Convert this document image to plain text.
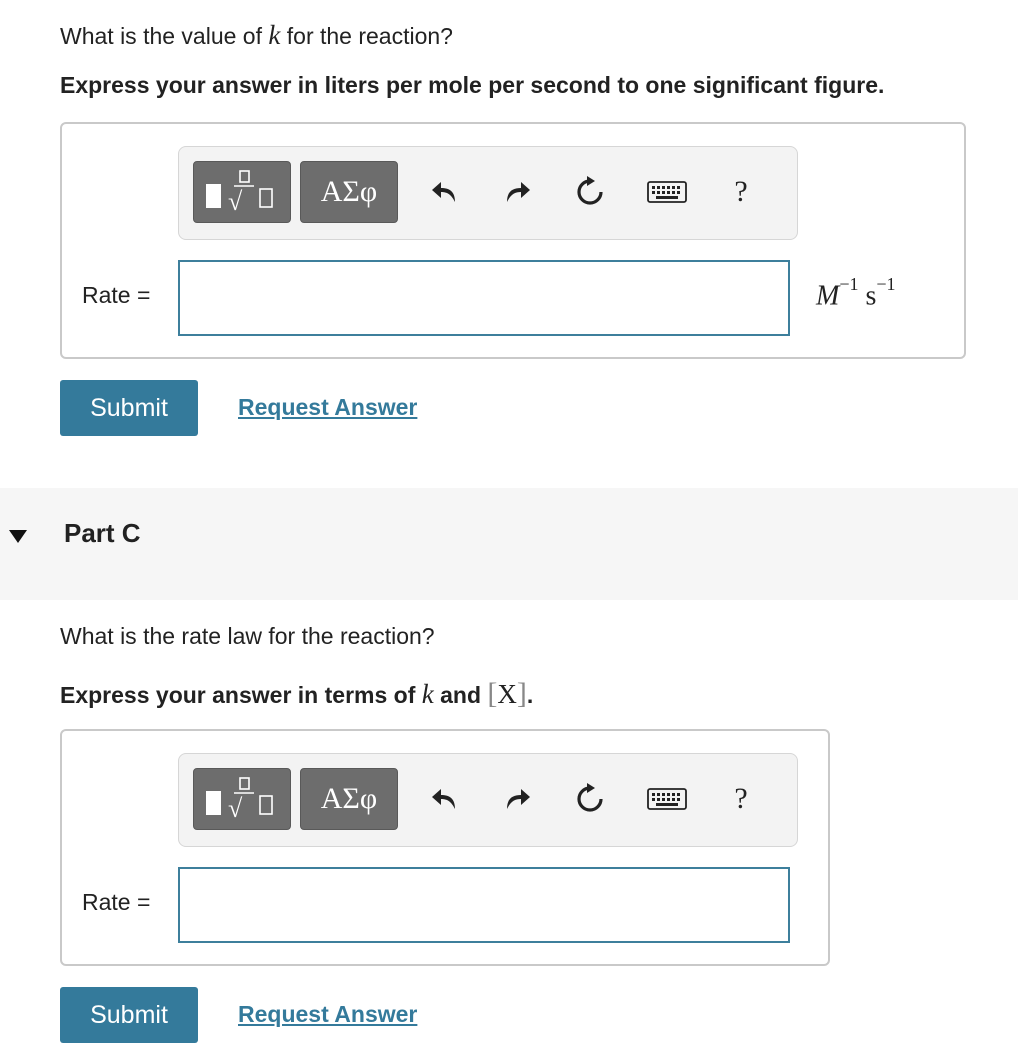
What is the value of k for the reaction?
Express your answer in liters per mole per second to one significant figure.
√	ΑΣφ	?
Rate =	$M^{-1}$ $s^{-1}$
Submit	Request Answer
Part C
What is the rate law for the reaction?
Express your answer in terms of k and [X].
√	ΑΣφ	?
Rate =
Submit	Request Answer
